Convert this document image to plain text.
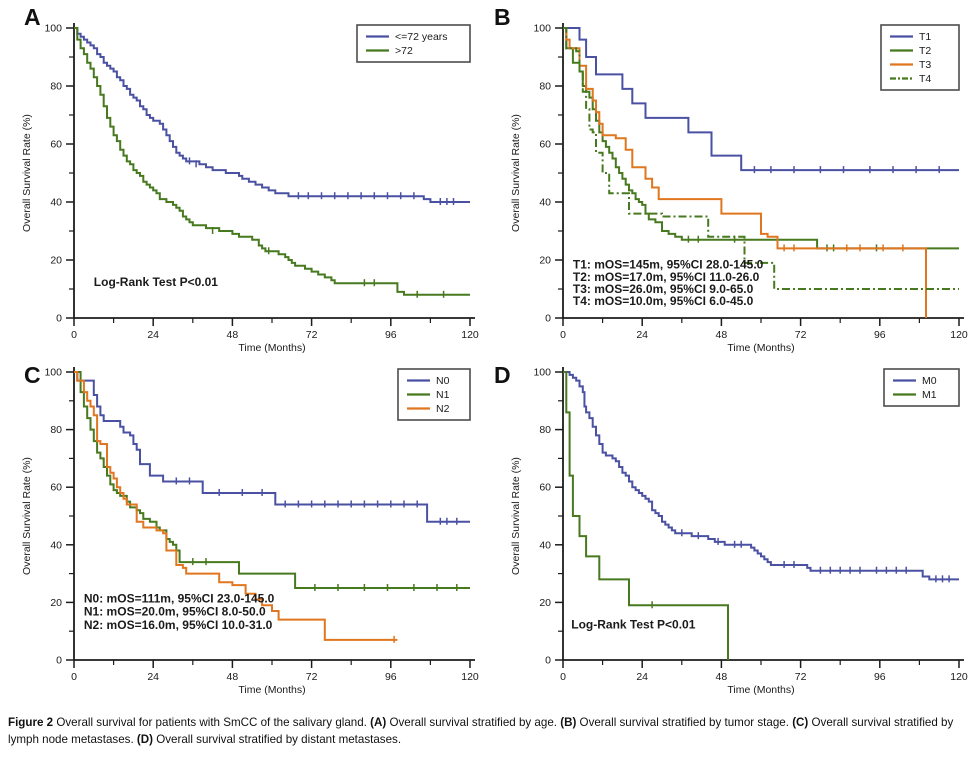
A
0
20
40
60
80
100
0	24	48	72	96	120
Time (Months)
Overall Survival Rate (%)
Log-Rank Test P<0.01
<=72 years
>72
B
0
20
40
60
80
100
0	24	48	72	96	120
Time (Months)
Overall Survival Rate (%)
T1: mOS=145m, 95%CI 28.0-145.0
T2: mOS=17.0m, 95%CI 11.0-26.0
T3: mOS=26.0m, 95%CI 9.0-65.0
T4: mOS=10.0m, 95%CI 6.0-45.0
T1
T2
T3
T4
C
0
20
40
60
80
100
0	24	48	72	96	120
Time (Months)
Overall Survival Rate (%)
N0: mOS=111m, 95%CI 23.0-145.0
N1: mOS=20.0m, 95%CI 8.0-50.0
N2: mOS=16.0m, 95%CI 10.0-31.0
N0
N1
N2
D
0
20
40
60
80
100
0	24	48	72	96	120
Time (Months)
Overall Survival Rate (%)
Log-Rank Test P<0.01
M0
M1
Figure 2 Overall survival for patients with SmCC of the salivary gland. (A) Overall survival stratified by age. (B) Overall survival stratified by tumor stage. (C) Overall survival stratified by lymph node metastases. (D) Overall survival stratified by distant metastases.
